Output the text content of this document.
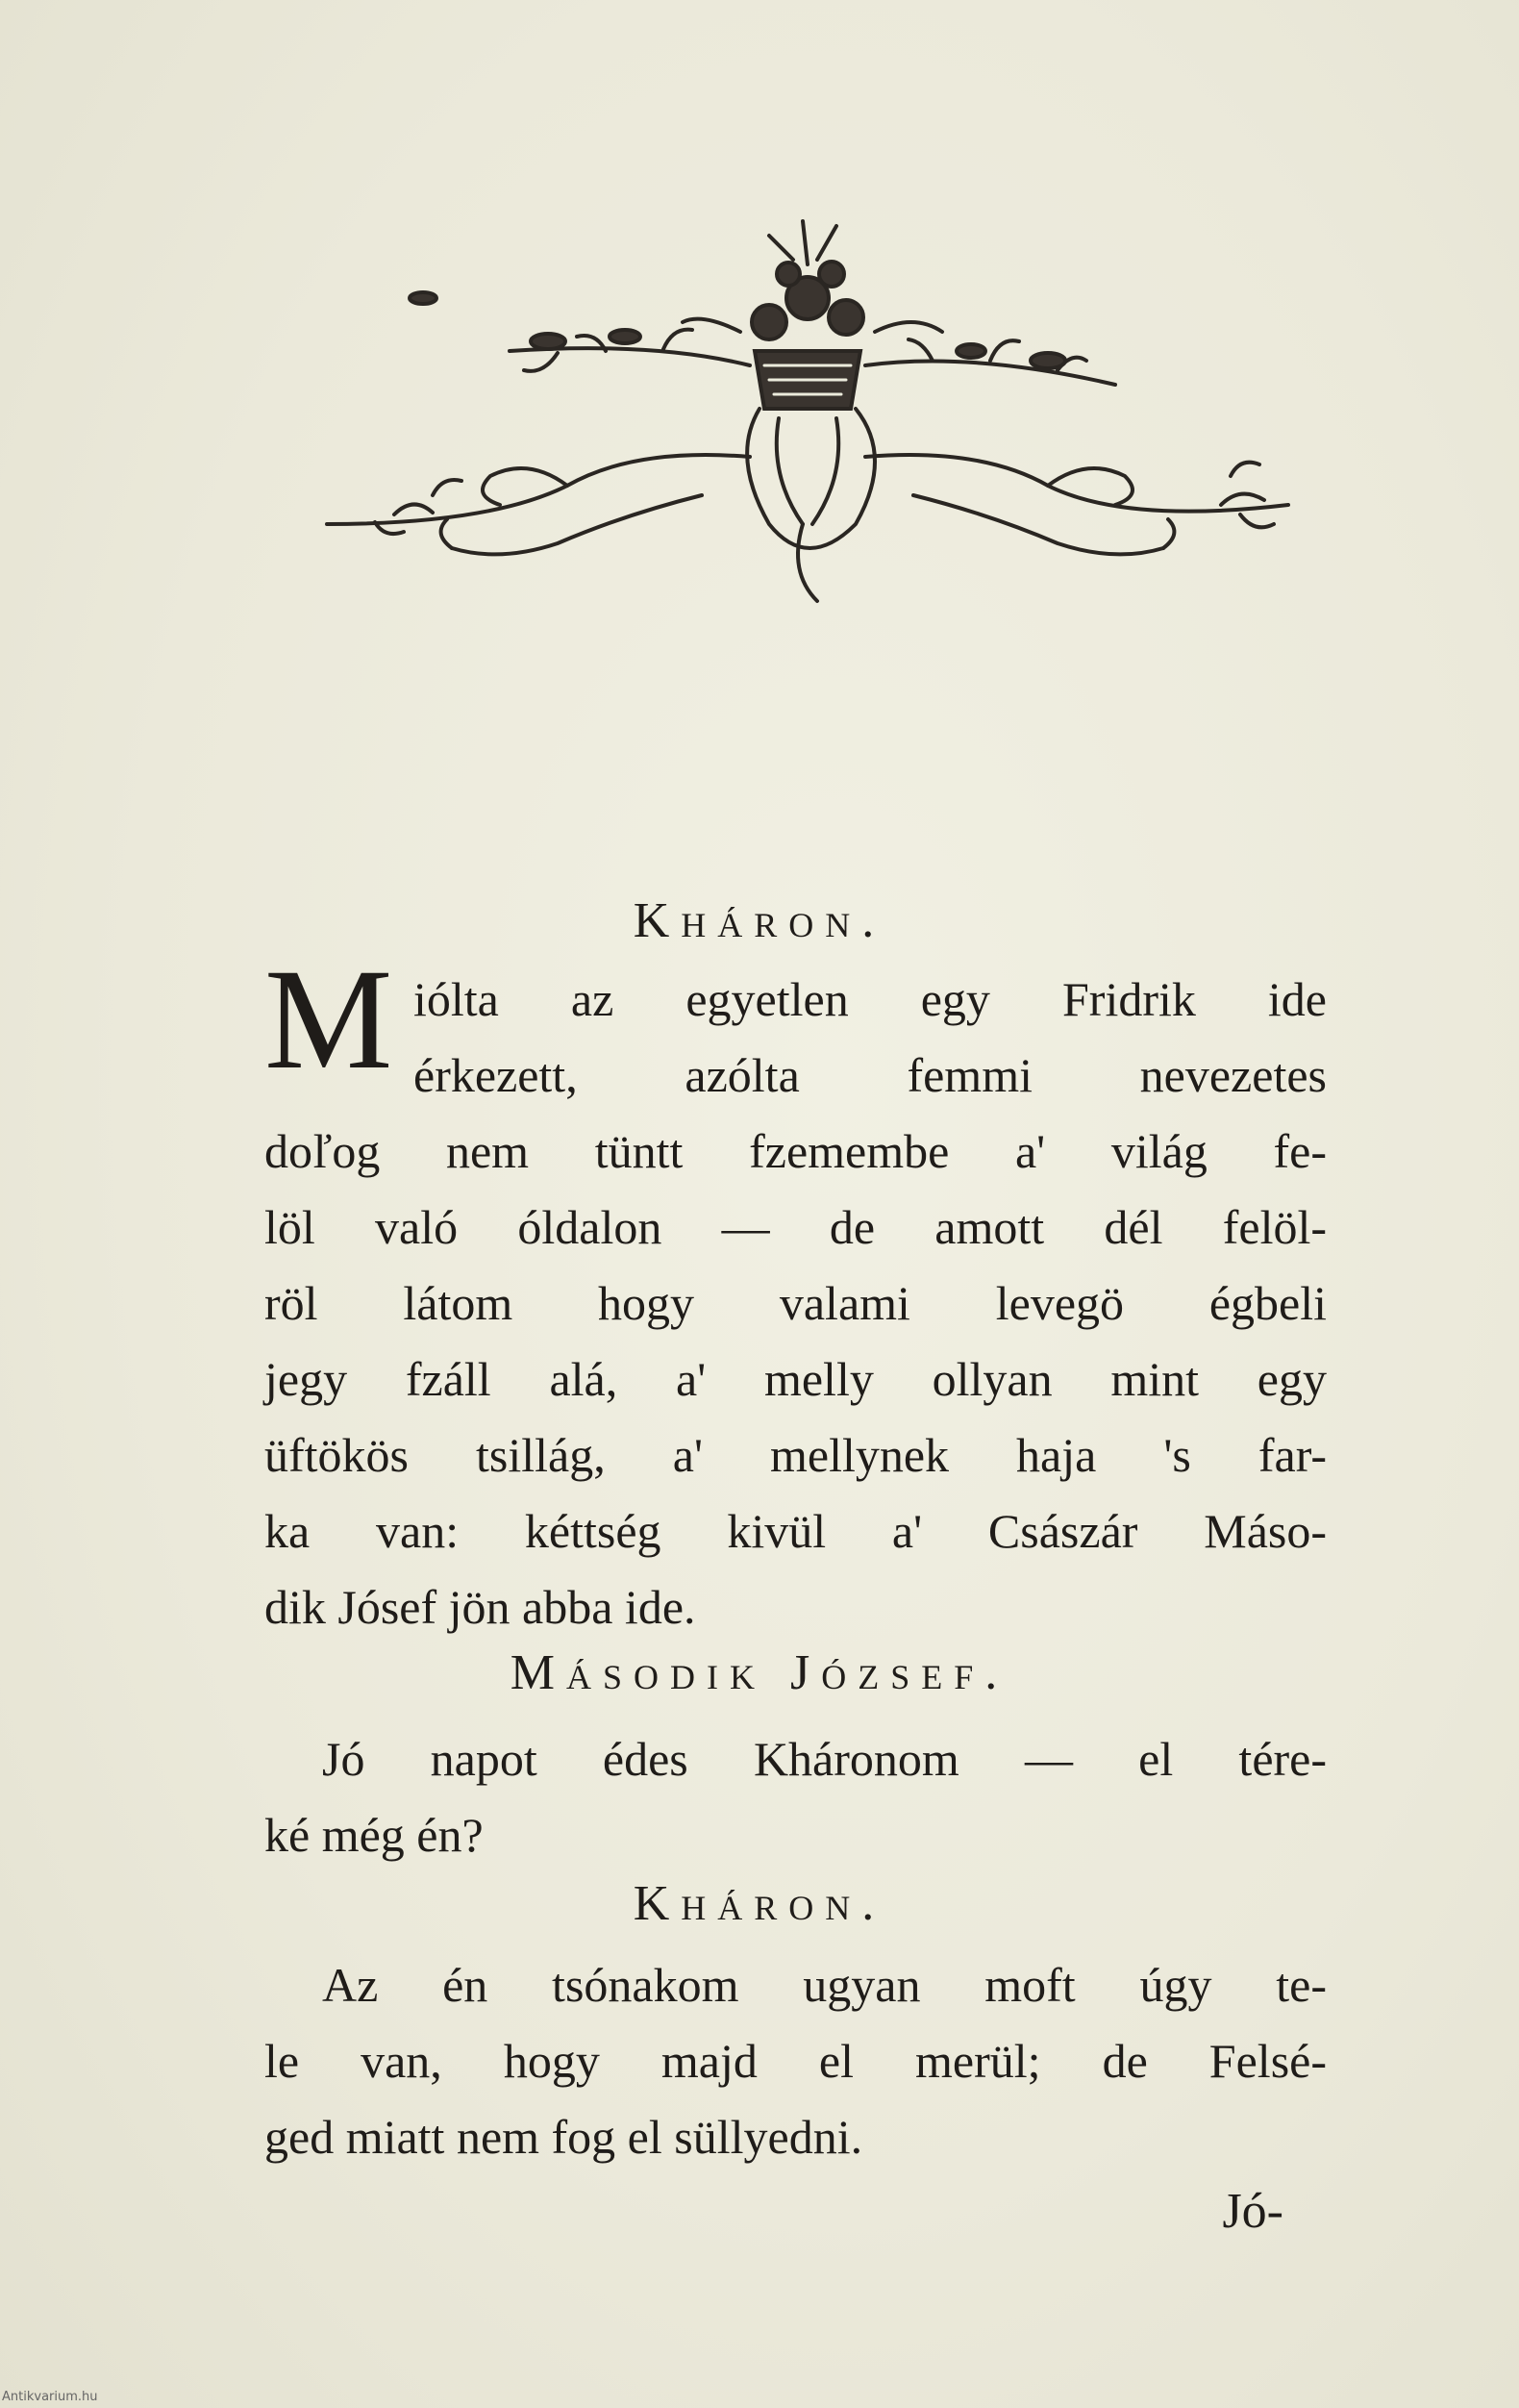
Kháron.
M ióltа az egyetlen egy Fridrik ide
érkezett, azólta femmi nevezetes
doľog nem tüntt fzemembe a' világ fe-
löl való óldalon — de amott dél felöl-
röl látom hogy valami levegö égbeli
jegy fzáll alá, a' melly ollyan mint egy
üftökös tsillág, a' mellynek haja 's far-
ka van: kéttség kivül a' Császár Máso-
dik Jósef jön abba ide.
Második József.
Jó napot édes Kháronom — el tére-
ké még én?
Kháron.
Az én tsónakom ugyan moft úgy te-
le van, hogy majd el merül; de Felsé-
ged miatt nem fog el süllyedni.
Jó-
Antikvarium.hu
